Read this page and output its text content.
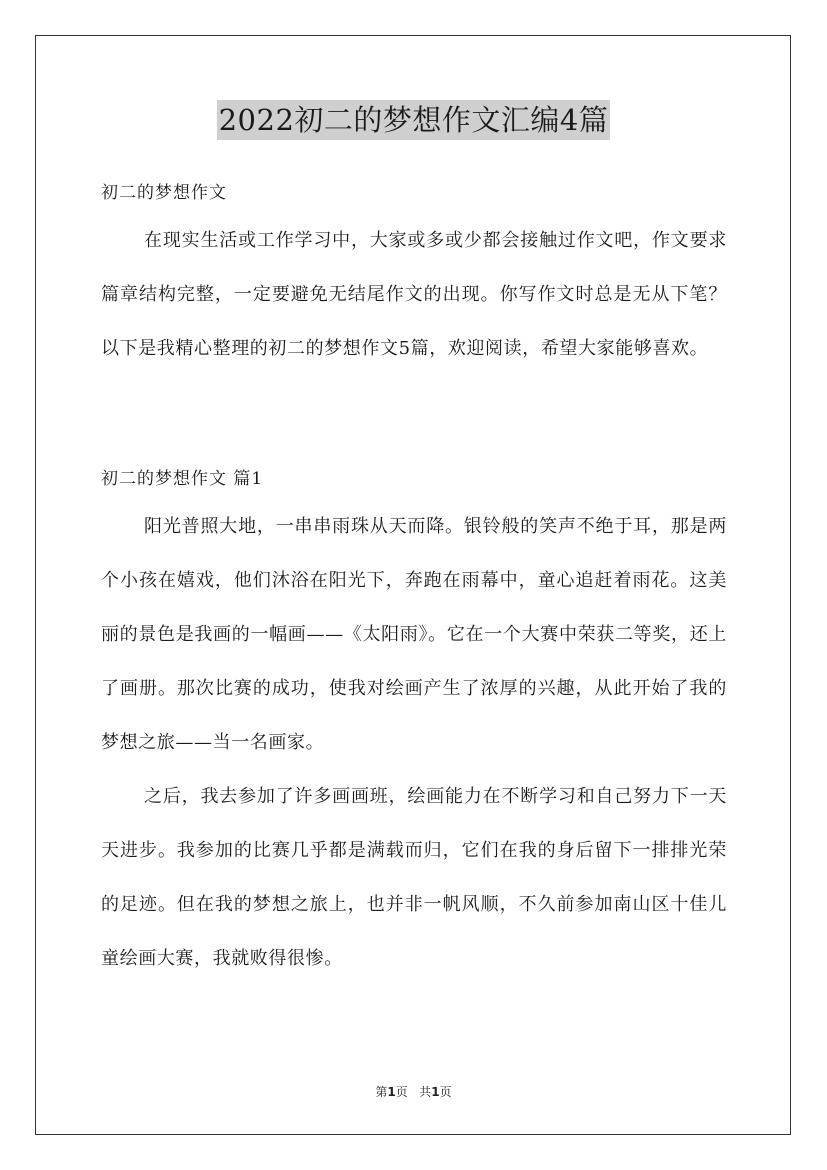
2022初二的梦想作文汇编4篇
初二的梦想作文

在现实生活或工作学习中，大家或多或少都会接触过作文吧，作文要求篇章结构完整，一定要避免无结尾作文的出现。你写作文时总是无从下笔？以下是我精心整理的初二的梦想作文5篇，欢迎阅读，希望大家能够喜欢。

初二的梦想作文 篇1

阳光普照大地，一串串雨珠从天而降。银铃般的笑声不绝于耳，那是两个小孩在嬉戏，他们沐浴在阳光下，奔跑在雨幕中，童心追赶着雨花。这美丽的景色是我画的一幅画——《太阳雨》。它在一个大赛中荣获二等奖，还上了画册。那次比赛的成功，使我对绘画产生了浓厚的兴趣，从此开始了我的梦想之旅——当一名画家。

之后，我去参加了许多画画班，绘画能力在不断学习和自己努力下一天天进步。我参加的比赛几乎都是满载而归，它们在我的身后留下一排排光荣的足迹。但在我的梦想之旅上，也并非一帆风顺，不久前参加南山区十佳儿童绘画大赛，我就败得很惨。

第1页 共1页
